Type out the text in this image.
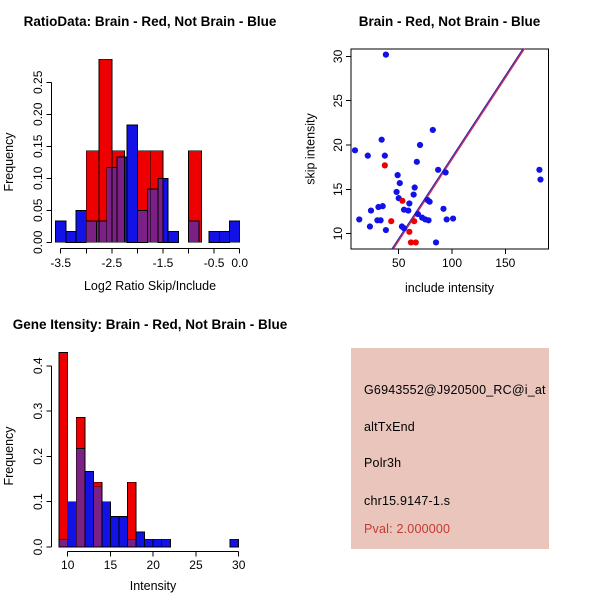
-3.5	-2.5	-1.5	-0.5 0.0
0.00
0.05
0.10
0.15
0.20
0.25
RatioData: Brain - Red, Not Brain - Blue
Log2 Ratio Skip/Include
Frequency
50	100	150
10
15
20
25
30
Brain - Red, Not Brain - Blue
include intensity
skip intensity
10 15 20 25 30
0.0
0.1
0.2
0.3
0.4
Gene Itensity: Brain - Red, Not Brain - Blue
Intensity
Frequency
G6943552@J920500_RC@i_at
altTxEnd
Polr3h
chr15.9147-1.s
Pval: 2.000000
